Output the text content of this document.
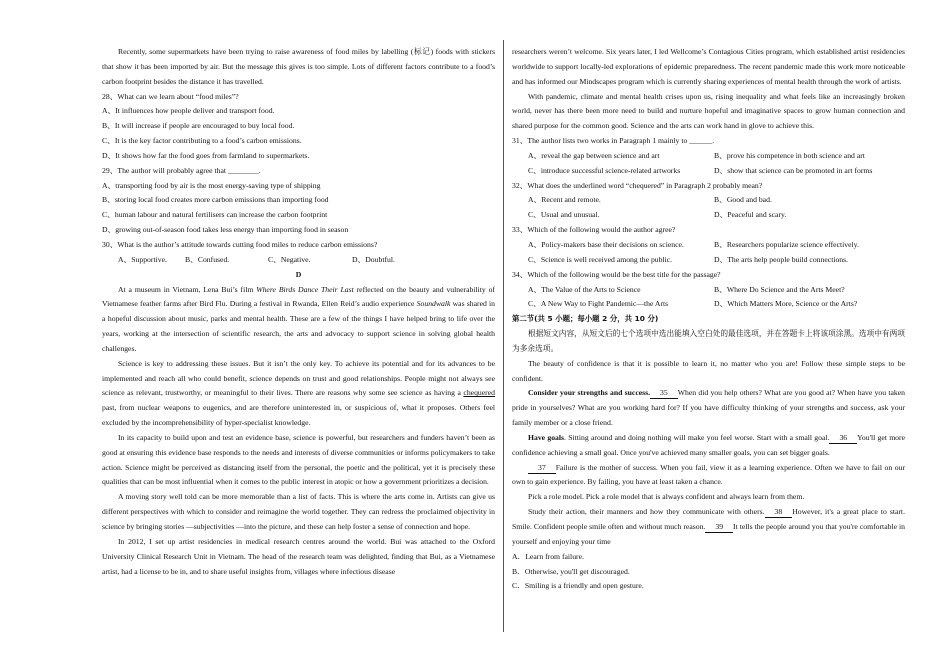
Recently, some supermarkets have been trying to raise awareness of food miles by labelling (标记) foods with stickers that show it has been imported by air. But the message this gives is too simple. Lots of different factors contribute to a food’s carbon footprint besides the distance it has travelled.

28、What can we learn about “food miles”?
A、It influences how people deliver and transport food.
B、It will increase if people are encouraged to buy local food.
C、It is the key factor contributing to a food’s carbon emissions.
D、It shows how far the food goes from farmland to supermarkets.
29、The author will probably agree that ________.
A、transporting food by air is the most energy-saving type of shipping
B、storing local food creates more carbon emissions than importing food
C、human labour and natural fertilisers can increase the carbon footprint
D、growing out-of-season food takes less energy than importing food in season
30、What is the author’s attitude towards cutting food miles to reduce carbon emissions?
A、Supportive.	B、Confused.	C、Negative.	D、Doubtful.
D

At a museum in Vietnam, Lena Bui’s film Where Birds Dance Their Last reflected on the beauty and vulnerability of Vietnamese feather farms after Bird Flu. During a festival in Rwanda, Ellen Reid’s audio experience Soundwalk was shared in a hopeful discussion about music, parks and mental health. These are a few of the things I have helped bring to life over the years, working at the intersection of scientific research, the arts and advocacy to support science in solving global health challenges.

Science is key to addressing these issues. But it isn’t the only key. To achieve its potential and for its advances to be implemented and reach all who could benefit, science depends on trust and good relationships. People might not always see science as relevant, trustworthy, or meaningful to their lives. There are reasons why some see science as having a chequered past, from nuclear weapons to eugenics, and are therefore uninterested in, or suspicious of, what it proposes. Others feel excluded by the incomprehensibility of hyper-specialist knowledge.

In its capacity to build upon and test an evidence base, science is powerful, but researchers and funders haven’t been as good at ensuring this evidence base responds to the needs and interests of diverse communities or informs policymakers to take action. Science might be perceived as distancing itself from the personal, the poetic and the political, yet it is precisely these qualities that can be most influential when it comes to the public interest in atopic or how a government prioritizes a decision.

A moving story well told can be more memorable than a list of facts. This is where the arts come in. Artists can give us different perspectives with which to consider and reimagine the world together. They can redress the proclaimed objectivity in science by bringing stories —subjectivities —into the picture, and these can help foster a sense of connection and hope.

In 2012, I set up artist residencies in medical research centres around the world. Bui was attached to the Oxford University Clinical Research Unit in Vietnam. The head of the research team was delighted, finding that Bui, as a Vietnamese artist, had a license to be in, and to share useful insights from, villages where infectious disease

researchers weren’t welcome. Six years later, I led Wellcome’s Contagious Cities program, which established artist residencies worldwide to support locally-led explorations of epidemic preparedness. The recent pandemic made this work more noticeable and has informed our Mindscapes program which is currently sharing experiences of mental health through the work of artists.

With pandemic, climate and mental health crises upon us, rising inequality and what feels like an increasingly broken world, never has there been more need to build and nurture hopeful and imaginative spaces to grow human connection and shared purpose for the common good. Science and the arts can work hand in glove to achieve this.

31、The author lists two works in Paragraph 1 mainly to ______.
A、reveal the gap between science and art	B、prove his competence in both science and art
C、introduce successful science-related artworks	D、show that science can be promoted in art forms
32、What does the underlined word “chequered” in Paragraph 2 probably mean?
A、Recent and remote.	B、Good and bad.
C、Usual and unusual.	D、Peaceful and scary.
33、Which of the following would the author agree?
A、Policy-makers base their decisions on science.	B、Researchers popularize science effectively.
C、Science is well received among the public.	D、The arts help people build connections.
34、Which of the following would be the best title for the passage?
A、The Value of the Arts to Science	B、Where Do Science and the Arts Meet?
C、A New Way to Fight Pandemic—the Arts	D、Which Matters More, Science or the Arts?
第二节(共 5 小题；每小题 2 分，共 10 分)

根据短文内容，从短文后的七个选项中选出能填入空白处的最佳选项，并在答题卡上将该项涂黑。选项中有两项为多余选项。

The beauty of confidence is that it is possible to learn it, no matter who you are! Follow these simple steps to be confident.

Consider your strengths and success. 35 When did you help others? What are you good at? When have you taken pride in yourselves? What are you working hard for? If you have difficulty thinking of your strengths and success, ask your family member or a close friend.

Have goals. Sitting around and doing nothing will make you feel worse. Start with a small goal. 36 You'll get more confidence achieving a small goal. Once you've achieved many smaller goals, you can set bigger goals.

37 Failure is the mother of success. When you fail, view it as a learning experience. Often we have to fail on our own to gain experience. By failing, you have at least taken a chance.

Pick a role model. Pick a role model that is always confident and always learn from them.

Study their action, their manners and how they communicate with others. 38 However, it's a great place to start. Smile. Confident people smile often and without much reason. 39 It tells the people around you that you're comfortable in yourself and enjoying your time

A．Learn from failure.
B．Otherwise, you'll get discouraged.
C．Smiling is a friendly and open gesture.
